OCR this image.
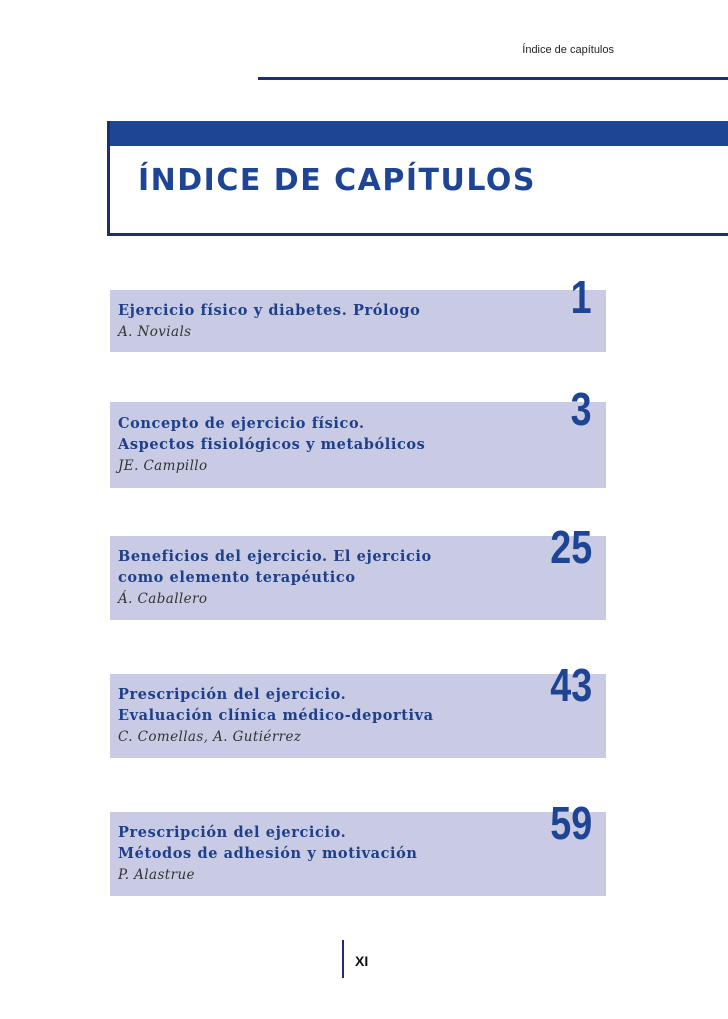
Índice de capítulos
ÍNDICE DE CAPÍTULOS
Ejercicio físico y diabetes. Prólogo
A. Novials
1
Concepto de ejercicio físico.
Aspectos fisiológicos y metabólicos
JE. Campillo
3
Beneficios del ejercicio. El ejercicio
como elemento terapéutico
Á. Caballero
25
Prescripción del ejercicio.
Evaluación clínica médico-deportiva
C. Comellas, A. Gutiérrez
43
Prescripción del ejercicio.
Métodos de adhesión y motivación
P. Alastrue
59
XI
